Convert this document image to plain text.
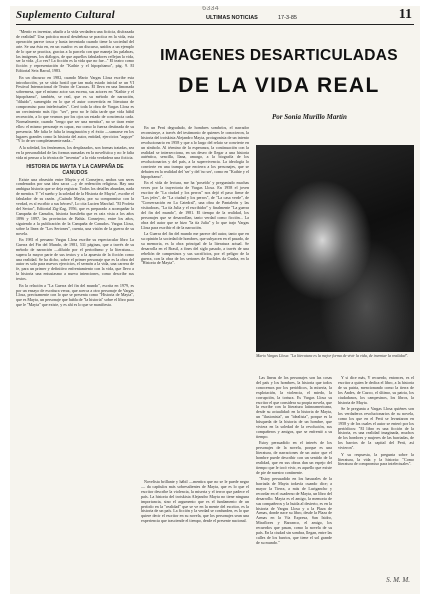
Suplemento Cultural	6334
ULTIMAS NOTICIAS	17-3-85	11

"Mentir es inventar, añadir a la vida verdadera una ficticia, disfrazada de realidad" Una práctica moral desdeñosa se practica en la vida, esta operación parece tosca y hasta inventada cuando tiene la sociedad del arte. Se usa ésta en, en un cuadro: es un discurso, unidos a un ejemplo de lo que se practica, gracias a la parcela con que maneja las palabras, las imágenes, los diálogos, de que aquellos fabuladores reflejan la vida, ser la vida. ¿Lo ves? La ficción es la vida que no fue..." El teatro como ficción y representación de "Kathie y el hipopótamo", pág. 9. El Editorial Seix Barral, 1983.

En un discurso en 1982, cuando Mario Vargas Llosa escribe esta introducción, ya se sitúa hostil que tan mala estado inicial se un VI Festival Internacional de Teatro de Caracas. Él lleva en una limonada sobremesa, que el mismo actor sus escena, sus actores en "Kathie y el hipopótamo", también, se real, que es su método de narración, "diluido", sumergido en lo que el autor convertiría en literatura de compromiso para intelectuales". Creó toda la obra de Vargas Llosa es un crecimiento más fijo: "ser", pero no le falta tarde que vida hábil recreación, a lo que veamos por los ojos un estado de conciencia cada. Normalmente, cuando "tengo que ser una mentira", no se tiran entre ellos: el mismo personaje es capaz, eso como la fuerza destinada de su presencia. Me falta le falta la imaginación y el éxito —sumarse en los lugares grandes como la historia del autor, entidad, ejercicios "arguye" "Y lo de ser completamente nada..."

A la soledad, los fenómenos, los desplazados, son formas tratadas, sea en la personalidad de las formas sumadas en la novelística y no le falta vida ni pensar a la técnica de "inventar" a la vida verdadera una ficticia.

HISTORIA DE MAYTA Y LA CAMPAÑA DE CANUDOS

Existe una obsesión entre Mayta y el Consejero, ambos son seres condenados por una idea sacra —y de redención religiosa. Hay una ambigua historia que se deja registrar. Todos los detalles abundan, nada de mentira. Y "el sueño y la soledad de la Historia de Mayta", escribe el fabulador de su razón. ¿Cuándo Mayta, por su compromiso con la verdad, es sí escribir a sus héroes?, Lo cita Lucien Marchal. "El Profeta del Sertao", Editorial Zig-Zag, 1956, que es preparado a acompañar la Campaña de Canudos, historia brasileña que es raiz vista a los años 1896 y 1897, las provincias de Bahía. Consejero, entre los años, siguiendo a la publicación de la Campaña de Canudos. Vargas Llosa, sobre la línea de "Los Sertones", cuenta, una visión de la guerra de su novela.

En 1981 el peruano Vargas Llosa escribe su espectacular libro La Guerra del Fin del Mundo, de 1981, 531 páginas, que a través de su método de narración —diluido por el periodismo y la literatura— supera la mayor parte de sus textos y a la apuesta de la ficción como una realidad. Se ha dicho, sobre el primer personaje que es la obra del autor es solo para nuevos ejercicios, el sermón a la vida, una carrera de fe, para un primer y definitivo enfrentamiento con la vida, que llevo a la historia una entusiasmo a nueva intenciones, como describe sus textos.

En la relación a "La Guerra del fin del mundo", escrita en 1979, es por un ensayo de escritura veraz, que acerca a otro personaje de Vargas Llosa, precisamente con lo que se presenta como "Historia de Mayta", que es Mayta, un personaje que habla de "la historia" sobre el libro para que le "Mayta" que existe, y es ahí es lo que se manifiesta.

IMAGENES DESARTICULADAS
DE LA VIDA REAL
Por Sonia Murillo Martín

En un Perú degradado, de hombres sombríos, el narrador reconstruye, a través del testimonio de quienes le conocieron, la historia del trotskista Alejandro Mayta, protagonista de un intento revolucionario en 1958 y que a lo largo del relato se convierte en un símbolo. Al término de la esperanza, la continuación con la realidad se intersecciona, en un deseo de llegar a una historia auténtica, sencilla, llana, amargo, a la biografía de los revolucionarios y del país, a la supervivencia. La ideología lo convierte en una trampa que encierra a los personajes, que se debaten en la realidad del 'ser' y del 'no ser', como en "Kathie y el hipopótamo".

En el vida de lectura, me ha 'poseído' y preguntado muchas veces por la trayectoria de Vargas Llosa. En 1958 el joven escritor de "La ciudad y los perros" nos dejó el paso firme de "Los jefes", de "La ciudad y los perros", de "La casa verde", de "Conversación en La Catedral", una obra de Pantaleón y las visitadoras, "La tía Julia y el escribidor" y finalmente "La guerra del fin del mundo", de 1981. El tiempo de la realidad, los personajes que se desarrollan, tanto verdad como ficción... La obra del autor que se hizo "la tía Julia" y lo que trajo Vargas Llosa para escribir el de la narración.

La Guerra del fin del mundo me parece del autor, tanto que en su opinión la sociedad de hombres, que subyacen en el pasado, de su memoria, es la obra principal de la literatura actual. Se desarrolla en el Brasil, a fines del siglo pasado, a través de una rebelión de campesinos y sus sacrificios, por el peligro de la guerra, con la obra de los sertones de Euclides da Cunha, en la "Historia de Mayta".

Mario Vargas Llosa: "La literatura es la mejor forma de vivir la vida, de inventar la realidad".

Novelista brillante y hábil —mentira que no se le puede negar— da capítulos más sobresalientes de Mayta, que es lo que el escritor describe la violencia, la miseria y el terror que padece el país. La historia del trotskista Alejandro Mayta no tiene ninguna importancia, sino el argumento que es el fundamento de un período en la "realidad" que se ve en la mente del escritor, es la historia de un país. La ficción y la verdad se confunden, es lo que quiere decir el escritor en su novela, que los personajes sean una experiencia que trasciende el tiempo, desde el presente nacional.

Las líneas de los personajes son las cosas del país y los hombres, la historia que todos conocemos por los periódicos, la miseria, la explotación, la violencia, el miedo, la corrupción, la tortura. Es Vargas Llosa su escritor el que considera su propia novela, que la escribe con la literatura latinoamericana, desde su actualidad: en la historia de Mayta, un "ilusionista", un "idealista", porque es la búsqueda de la historia de un hombre, que viviera en la soledad de la revolución, sus compañeros y amigos, que se enfrentó a su tiempo.

Estoy persuadido en el interés de los personajes de la novela, porque es una literatura, de narraciones de un autor que el hombre puede describir con un sentido de la realidad, que en sus obras dan un espejo del tiempo que le tocó vivir, es aquello que existe de pie de nuestro continente.

"Estoy persuadido en los basurales de la barriada de Mayta todavía cuando dice; a mayor la Tierra, a más de Lurigancho y recordar en el cuaderno de Mayta, un libro del desarrollo. Mayta es el amigo, la memoria de sus compañeros y la huida al desierto, es en la historia de Vargas Llosa y a la Plaza de Armas, donde nace su libro, desde la Plaza de Armas en la Vía Expresa, San Isidro, Miraflores y Barranco, el amigo, los recuerdos que pasan, como la novela de su país. En la ciudad sin sombra, llegan, entre las calles de los barrios, que tiene el sol grande de su mundo."

Y si dice más, Y recuerdo, entonces, es el escritor a quien le dedica el libro, a la historia de su patria, mencionando como la tierra de los Andes, de Cuzco, el último, su patria, los ciudadanos, los campesinos, los libros, la historia de Mayta.

Se le pregunta a Vargas Llosa quiénes son los verdaderos revolucionarios de su novela, como los que en el Perú se levantaron en 1958 y de los cuales el autor se enteró por los periódicos: "El libro es una ficción de la historia, es una realidad imaginada, muchos de los hombres y mujeres de las barriadas, de los barrios de la capital del Perú, así vivieron".

Y su respuesta, la pregunta sobre la literatura, la vida y la historia: "Como literatura de compromiso para intelectuales".

S. M. M.
